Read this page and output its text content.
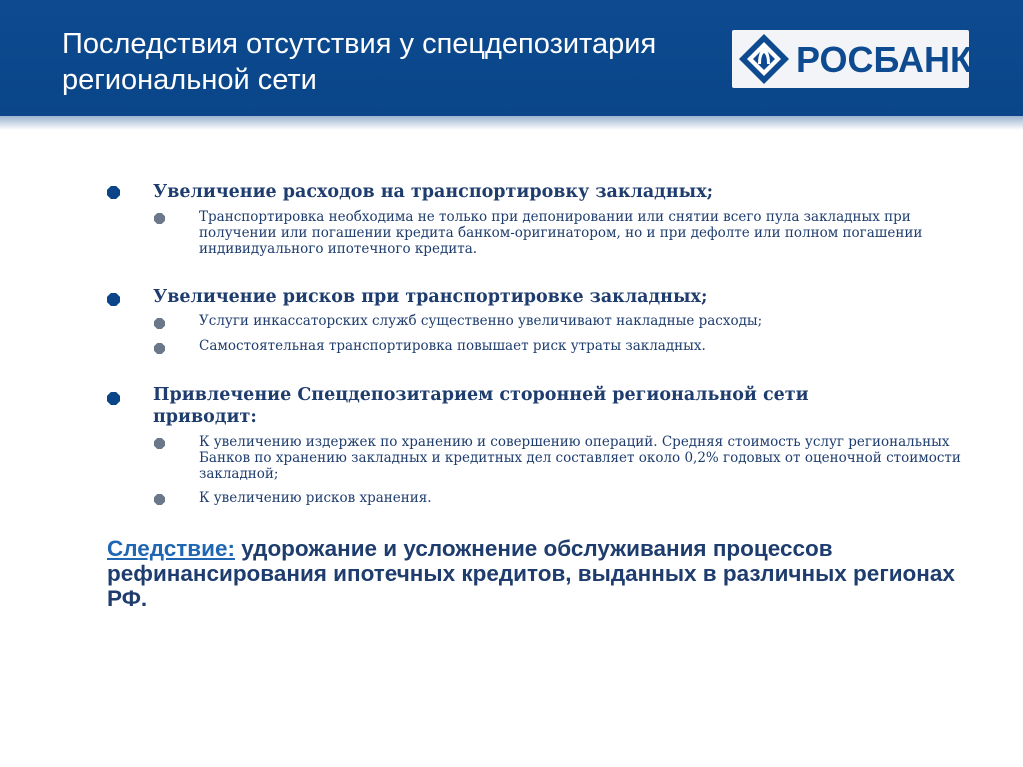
Последствия отсутствия у спецдепозитария региональной сети	РОСБАНК
Увеличение расходов на транспортировку закладных;
Транспортировка необходима не только при депонировании или снятии всего пула закладных при получении или погашении кредита банком-оригинатором, но и при дефолте или полном погашении индивидуального ипотечного кредита.
Увеличение рисков при транспортировке закладных;
Услуги инкассаторских служб существенно увеличивают накладные расходы;
Самостоятельная транспортировка повышает риск утраты закладных.
Привлечение Спецдепозитарием сторонней региональной сети приводит:
К увеличению издержек по хранению и совершению операций. Средняя стоимость услуг региональных Банков по хранению закладных и кредитных дел составляет около 0,2% годовых от оценочной стоимости закладной;
К увеличению рисков хранения.
Следствие: удорожание и усложнение обслуживания процессов рефинансирования ипотечных кредитов, выданных в различных регионах РФ.
